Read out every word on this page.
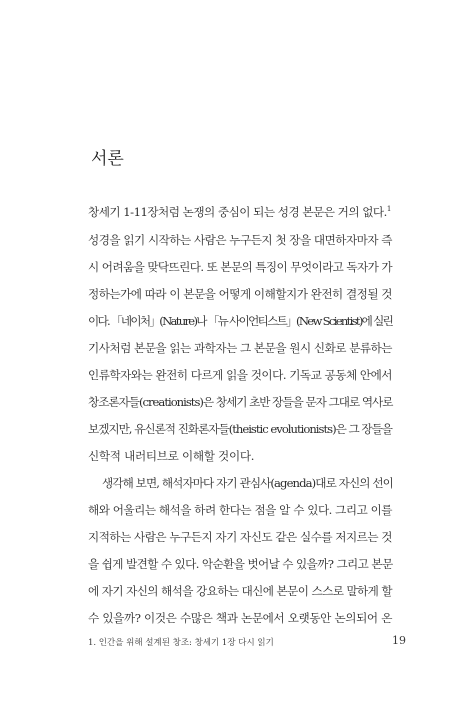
서론
창세기 1-11장처럼 논쟁의 중심이 되는 성경 본문은 거의 없다.$^1$
성경을 읽기 시작하는 사람은 누구든지 첫 장을 대면하자마자 즉
시 어려움을 맞닥뜨린다. 또 본문의 특징이 무엇이라고 독자가 가
정하는가에 따라 이 본문을 어떻게 이해할지가 완전히 결정될 것
이다. 「네이처」(Nature)나 「뉴 사이언티스트」(New Scientist)에 실린
기사처럼 본문을 읽는 과학자는 그 본문을 원시 신화로 분류하는
인류학자와는 완전히 다르게 읽을 것이다. 기독교 공동체 안에서
창조론자들(creationists)은 창세기 초반 장들을 문자 그대로 역사로
보겠지만, 유신론적 진화론자들(theistic evolutionists)은 그 장들을
신학적 내러티브로 이해할 것이다.
생각해 보면, 해석자마다 자기 관심사(agenda)대로 자신의 선이
해와 어울리는 해석을 하려 한다는 점을 알 수 있다. 그리고 이를
지적하는 사람은 누구든지 자기 자신도 같은 실수를 저지르는 것
을 쉽게 발견할 수 있다. 악순환을 벗어날 수 있을까? 그리고 본문
에 자기 자신의 해석을 강요하는 대신에 본문이 스스로 말하게 할
수 있을까? 이것은 수많은 책과 논문에서 오랫동안 논의되어 온
1. 인간을 위해 설계된 창조: 창세기 1장 다시 읽기	19
